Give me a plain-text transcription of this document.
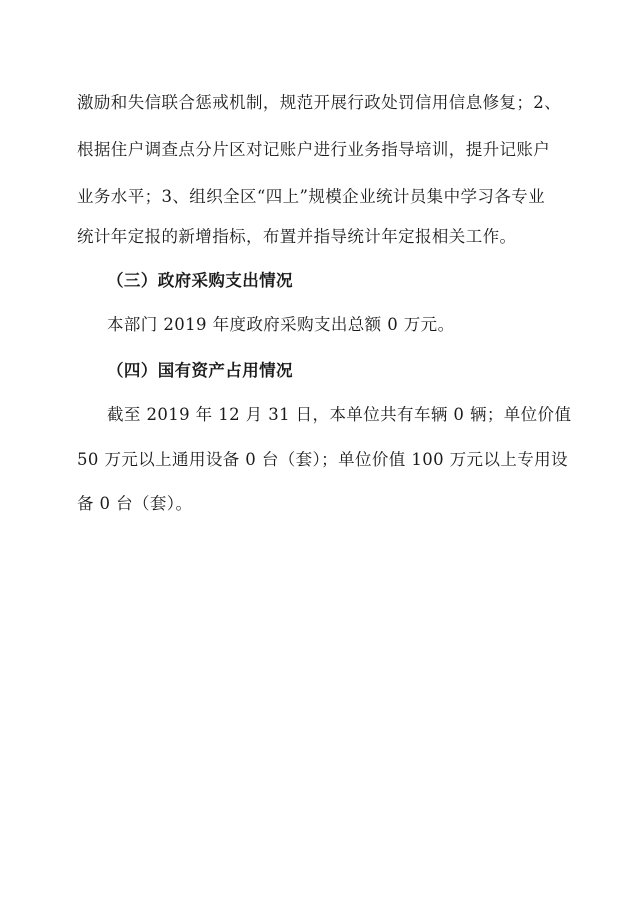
激励和失信联合惩戒机制，规范开展行政处罚信用信息修复；2、
根据住户调查点分片区对记账户进行业务指导培训，提升记账户
业务水平；3、组织全区“四上”规模企业统计员集中学习各专业
统计年定报的新增指标，布置并指导统计年定报相关工作。
（三）政府采购支出情况
本部门 2019 年度政府采购支出总额 0 万元。
（四）国有资产占用情况
截至 2019 年 12 月 31 日，本单位共有车辆 0 辆；单位价值
50 万元以上通用设备 0 台（套）；单位价值 100 万元以上专用设
备 0 台（套）。
